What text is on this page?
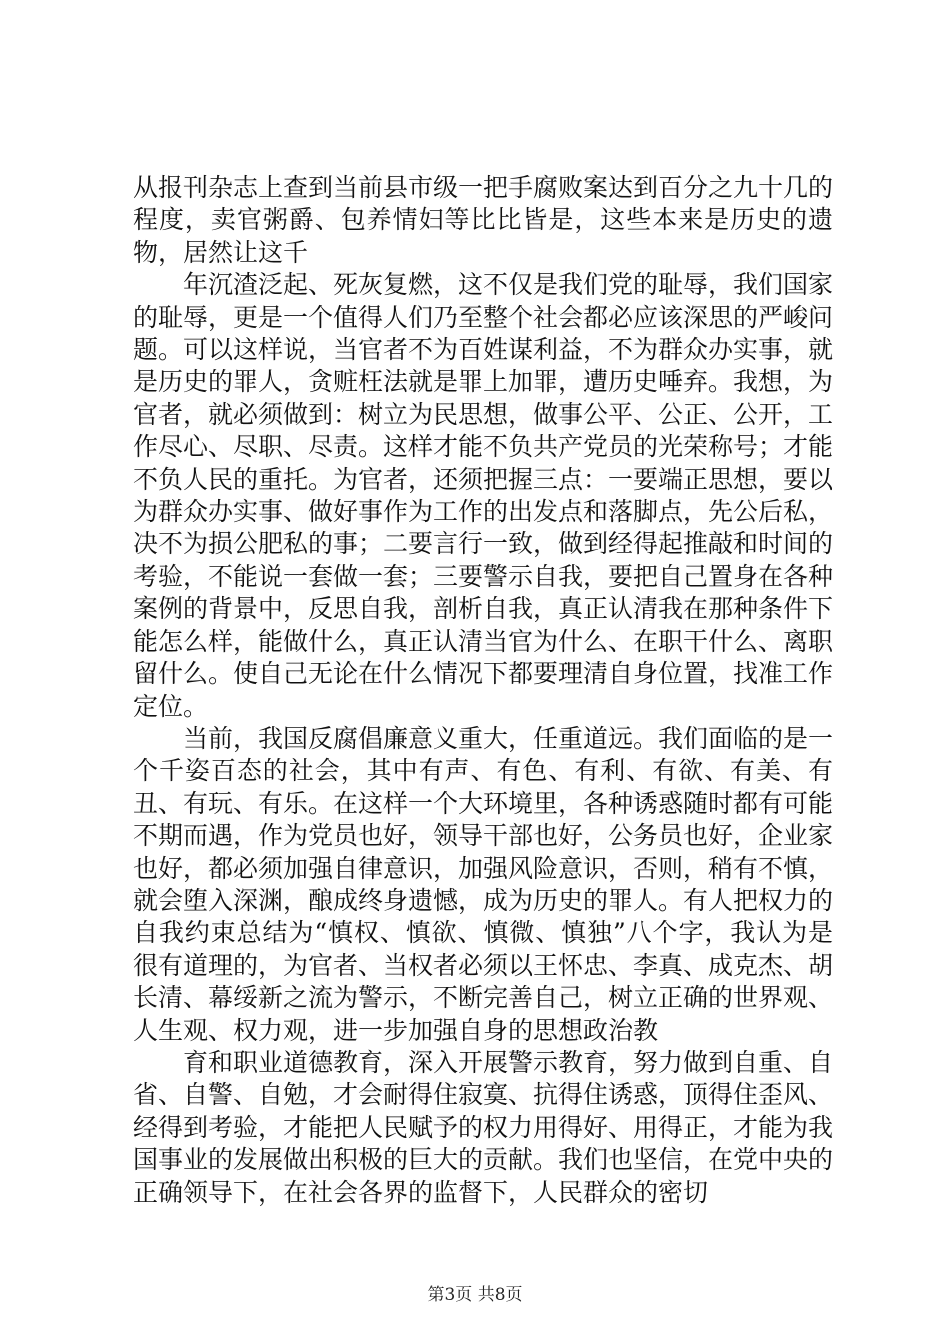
从报刊杂志上查到当前县市级一把手腐败案达到百分之九十几的程度，卖官粥爵、包养情妇等比比皆是，这些本来是历史的遗物，居然让这千

年沉渣泛起、死灰复燃，这不仅是我们党的耻辱，我们国家的耻辱，更是一个值得人们乃至整个社会都必应该深思的严峻问题。可以这样说，当官者不为百姓谋利益，不为群众办实事，就是历史的罪人，贪赃枉法就是罪上加罪，遭历史唾弃。我想，为官者，就必须做到：树立为民思想，做事公平、公正、公开，工作尽心、尽职、尽责。这样才能不负共产党员的光荣称号；才能不负人民的重托。为官者，还须把握三点：一要端正思想，要以为群众办实事、做好事作为工作的出发点和落脚点，先公后私，决不为损公肥私的事；二要言行一致，做到经得起推敲和时间的考验，不能说一套做一套；三要警示自我，要把自己置身在各种案例的背景中，反思自我，剖析自我，真正认清我在那种条件下能怎么样，能做什么，真正认清当官为什么、在职干什么、离职留什么。使自己无论在什么情况下都要理清自身位置，找准工作定位。

当前，我国反腐倡廉意义重大，任重道远。我们面临的是一个千姿百态的社会，其中有声、有色、有利、有欲、有美、有丑、有玩、有乐。在这样一个大环境里，各种诱惑随时都有可能不期而遇，作为党员也好，领导干部也好，公务员也好，企业家也好，都必须加强自律意识，加强风险意识，否则，稍有不慎，就会堕入深渊，酿成终身遗憾，成为历史的罪人。有人把权力的自我约束总结为“慎权、慎欲、慎微、慎独”八个字，我认为是很有道理的，为官者、当权者必须以王怀忠、李真、成克杰、胡长清、幕绥新之流为警示，不断完善自己，树立正确的世界观、人生观、权力观，进一步加强自身的思想政治教

育和职业道德教育，深入开展警示教育，努力做到自重、自省、自警、自勉，才会耐得住寂寞、抗得住诱惑，顶得住歪风、经得到考验，才能把人民赋予的权力用得好、用得正，才能为我国事业的发展做出积极的巨大的贡献。我们也坚信，在党中央的正确领导下，在社会各界的监督下，人民群众的密切

第3页 共8页
